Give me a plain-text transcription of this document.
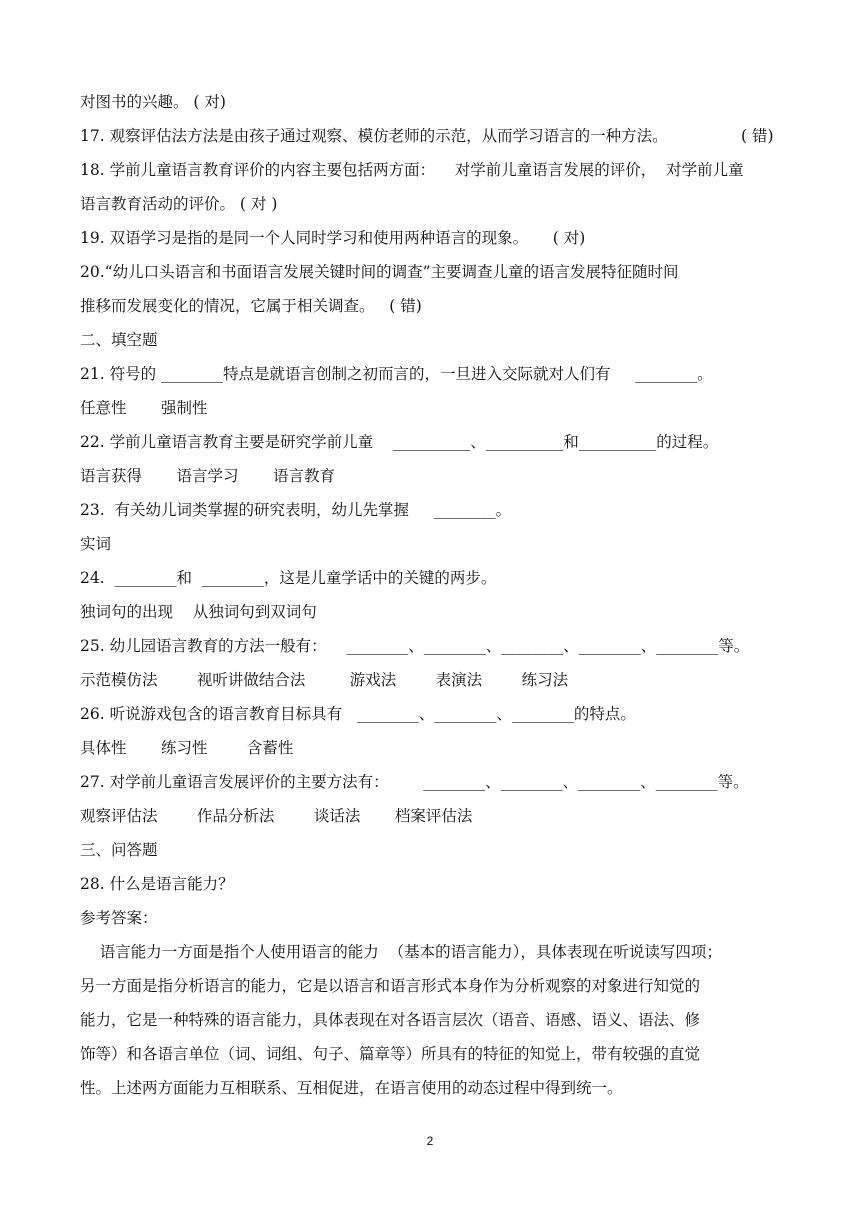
对图书的兴趣。 ( 对)
17. 观察评估法方法是由孩子通过观察、模仿老师的示范，从而学习语言的一种方法。	( 错)
18. 学前儿童语言教育评价的内容主要包括两方面：    对学前儿童语言发展的评价，  对学前儿童
语言教育活动的评价。 ( 对 )
19. 双语学习是指的是同一个人同时学习和使用两种语言的现象。     ( 对)
20.“幼儿口头语言和书面语言发展关键时间的调查”主要调查儿童的语言发展特征随时间
推移而发展变化的情况，它属于相关调查。   ( 错)
二、填空题
21. 符号的 ________特点是就语言创制之初而言的，一旦进入交际就对人们有     ________。
任意性       强制性
22. 学前儿童语言教育主要是研究学前儿童    __________、__________和__________的过程。
语言获得       语言学习       语言教育
23.  有关幼儿词类掌握的研究表明，幼儿先掌握     ________。
实词
24.  ________和  ________，这是儿童学话中的关键的两步。
独词句的出现    从独词句到双词句
25. 幼儿园语言教育的方法一般有：    ________、________、________、________、________等。
示范模仿法        视听讲做结合法         游戏法        表演法        练习法
26. 听说游戏包含的语言教育目标具有   ________、________、________的特点。
具体性       练习性        含蓄性
27. 对学前儿童语言发展评价的主要方法有：       ________、________、________、________等。
观察评估法        作品分析法        谈话法       档案评估法
三、问答题
28. 什么是语言能力？
参考答案：
语言能力一方面是指个人使用语言的能力  （基本的语言能力），具体表现在听说读写四项；
另一方面是指分析语言的能力，它是以语言和语言形式本身作为分析观察的对象进行知觉的
能力，它是一种特殊的语言能力，具体表现在对各语言层次（语音、语感、语义、语法、修
饰等）和各语言单位（词、词组、句子、篇章等）所具有的特征的知觉上，带有较强的直觉
性。上述两方面能力互相联系、互相促进，在语言使用的动态过程中得到统一。
2
